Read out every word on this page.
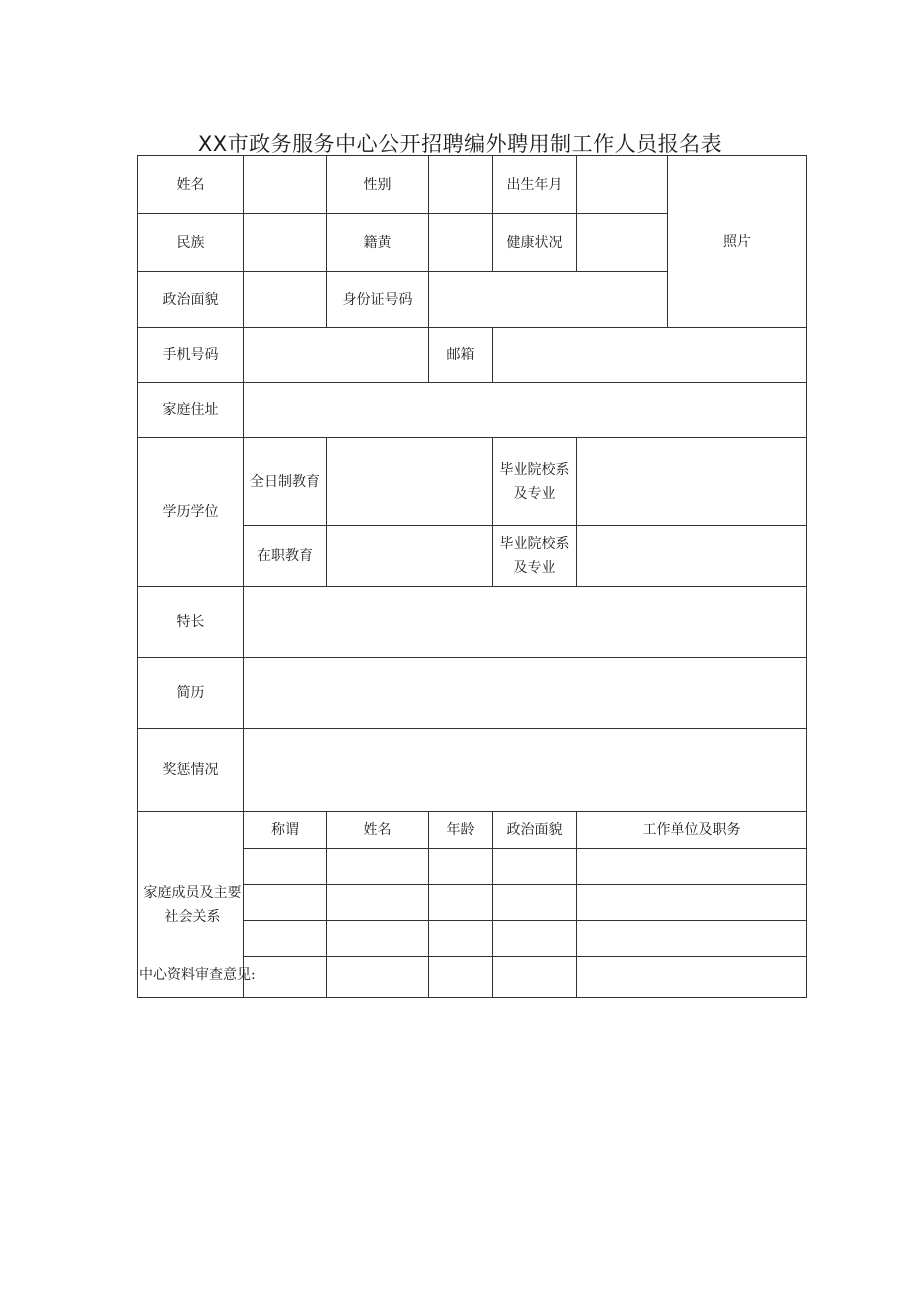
XX市政务服务中心公开招聘编外聘用制工作人员报名表
姓名		性别		出生年月		照片
民族		籍黄		健康状况		
政治面貌		身份证号码				
手机号码			邮箱			
家庭住址						
学历学位	全日制教育			毕业院校系及专业		
	在职教育			毕业院校系及专业		
特长						
简历						
奖惩情况						
家庭成员及主要社会关系	称谓	姓名	年龄	政治面貌	工作单位及职务	

中心资料审查意见:
